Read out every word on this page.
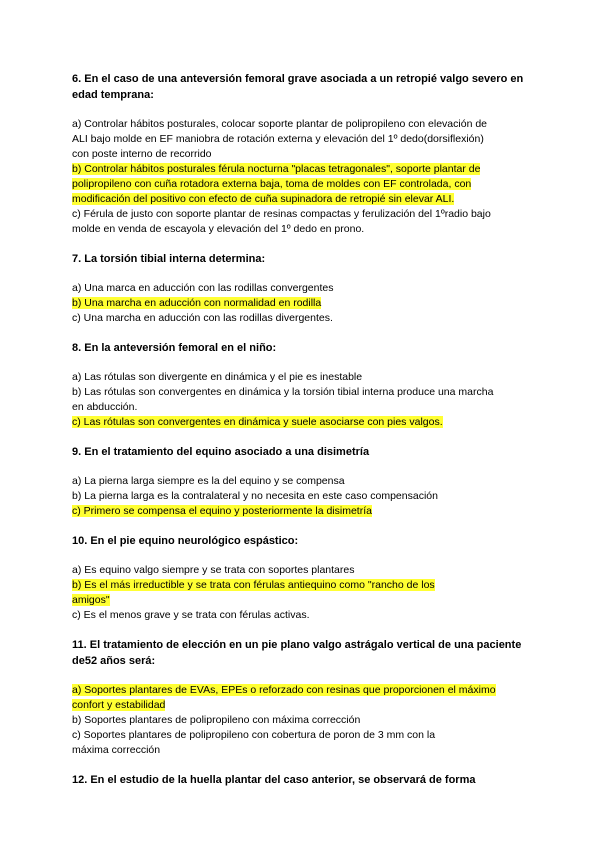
6. En el caso de una anteversión femoral grave asociada a un retropié valgo severo en edad temprana:

a) Controlar hábitos posturales, colocar soporte plantar de polipropileno con elevación de
ALI bajo molde en EF maniobra de rotación externa y elevación del 1º dedo(dorsiflexión)
con poste interno de recorrido

b) Controlar hábitos posturales férula nocturna "placas tetragonales", soporte plantar de
polipropileno con cuña rotadora externa baja, toma de moldes con EF controlada, con
modificación del positivo con efecto de cuña supinadora de retropié sin elevar ALI.

c) Férula de justo con soporte plantar de resinas compactas y ferulización del 1ºradio bajo
molde en venda de escayola y elevación del 1º dedo en prono.

7. La torsión tibial interna determina:

a) Una marca en aducción con las rodillas convergentes

b) Una marcha en aducción con normalidad en rodilla

c) Una marcha en aducción con las rodillas divergentes.

8. En la anteversión femoral en el niño:

a) Las rótulas son divergente en dinámica y el pie es inestable

b) Las rótulas son convergentes en dinámica y la torsión tibial interna produce una marcha
en abducción.

c) Las rótulas son convergentes en dinámica y suele asociarse con pies valgos.

9. En el tratamiento del equino asociado a una disimetría

a) La pierna larga siempre es la del equino y se compensa

b) La pierna larga es la contralateral y no necesita en este caso compensación

c) Primero se compensa el equino y posteriormente la disimetría

10. En el pie equino neurológico espástico:

a) Es equino valgo siempre y se trata con soportes plantares

b) Es el más irreductible y se trata con férulas antiequino como "rancho de los
amigos"

c) Es el menos grave y se trata con férulas activas.

11. El tratamiento de elección en un pie plano valgo astrágalo vertical de una paciente de52 años será:

a) Soportes plantares de EVAs, EPEs o reforzado con resinas que proporcionen el máximo
confort y estabilidad

b) Soportes plantares de polipropileno con máxima corrección

c) Soportes plantares de polipropileno con cobertura de poron de 3 mm con la
máxima corrección

12. En el estudio de la huella plantar del caso anterior, se observará de forma
